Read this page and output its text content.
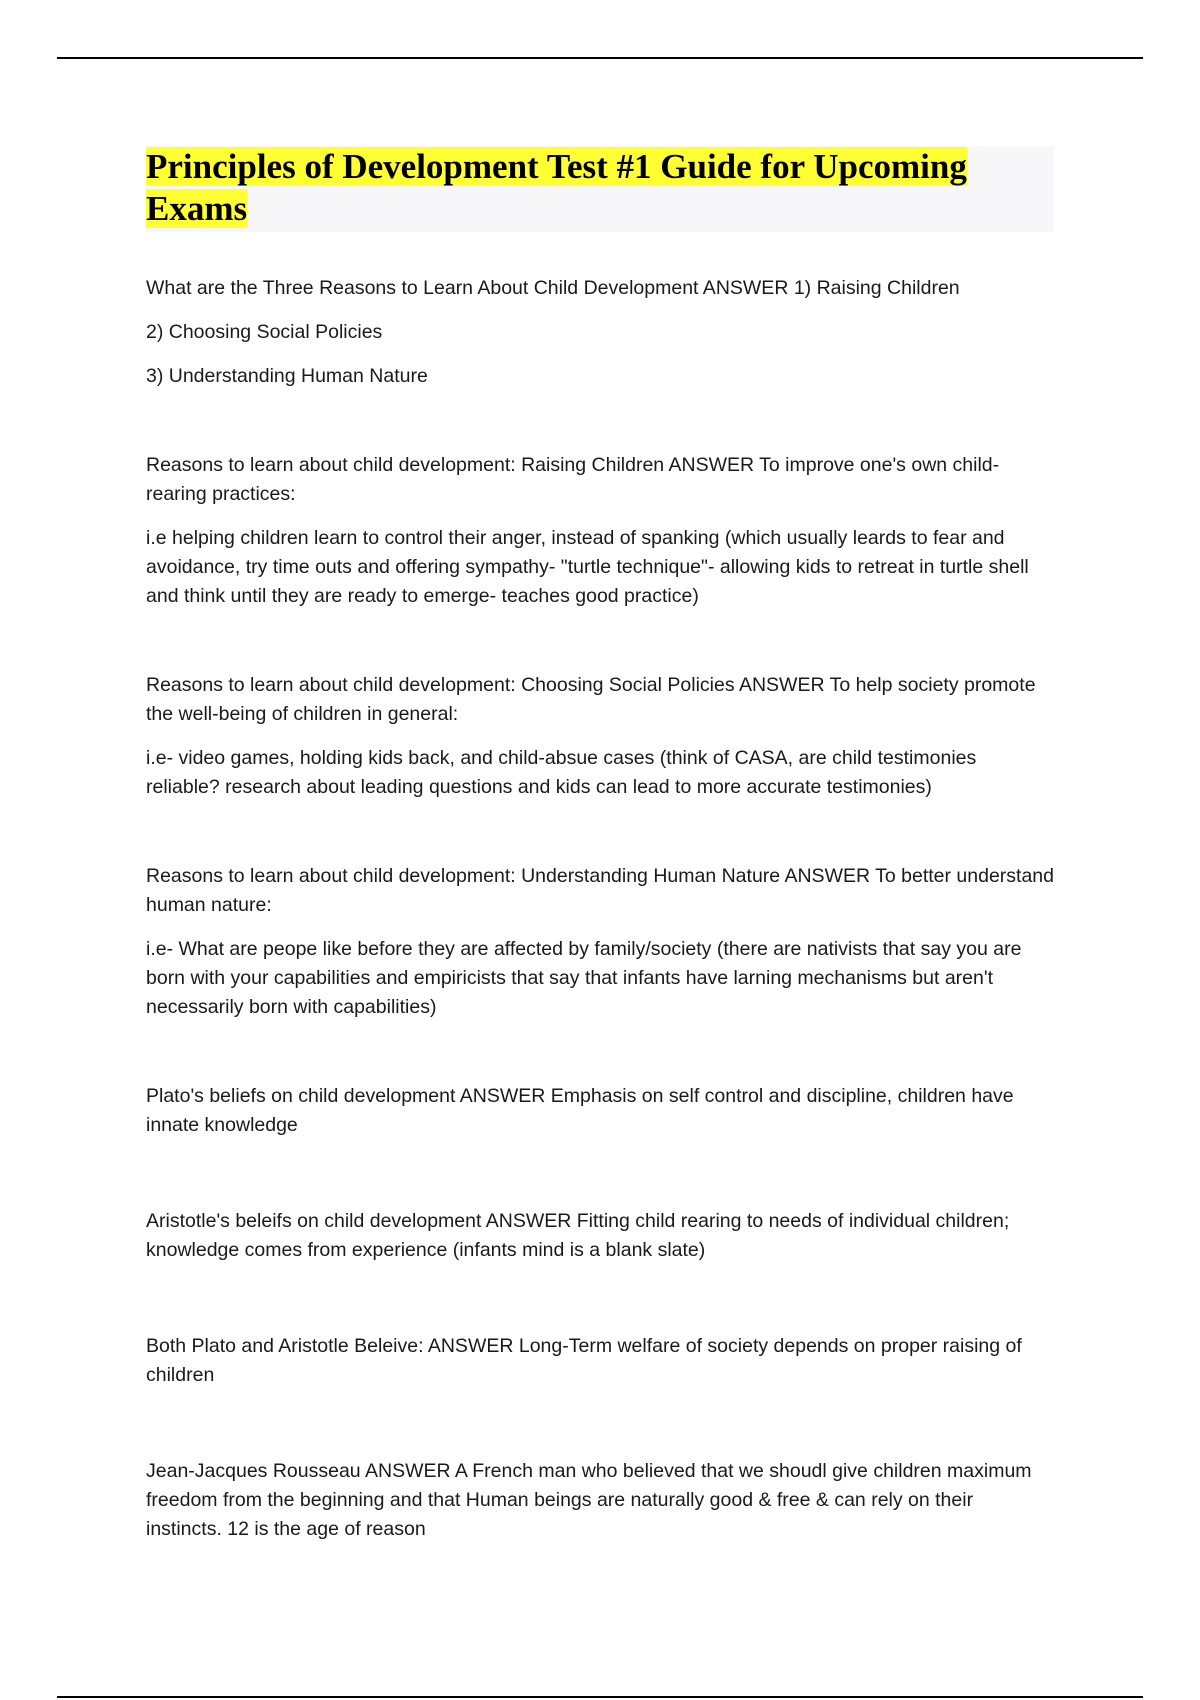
Principles of Development Test #1 Guide for Upcoming Exams

What are the Three Reasons to Learn About Child Development ANSWER 1) Raising Children

2) Choosing Social Policies

3) Understanding Human Nature

Reasons to learn about child development: Raising Children ANSWER To improve one's own child-rearing practices:

i.e helping children learn to control their anger, instead of spanking (which usually leards to fear and avoidance, try time outs and offering sympathy- "turtle technique"- allowing kids to retreat in turtle shell and think until they are ready to emerge- teaches good practice)

Reasons to learn about child development: Choosing Social Policies ANSWER To help society promote the well-being of children in general:

i.e- video games, holding kids back, and child-absue cases (think of CASA, are child testimonies reliable? research about leading questions and kids can lead to more accurate testimonies)

Reasons to learn about child development: Understanding Human Nature ANSWER To better understand human nature:

i.e- What are peope like before they are affected by family/society (there are nativists that say you are born with your capabilities and empiricists that say that infants have larning mechanisms but aren't necessarily born with capabilities)

Plato's beliefs on child development ANSWER Emphasis on self control and discipline, children have innate knowledge

Aristotle's beleifs on child development ANSWER Fitting child rearing to needs of individual children; knowledge comes from experience (infants mind is a blank slate)

Both Plato and Aristotle Beleive: ANSWER Long-Term welfare of society depends on proper raising of children

Jean-Jacques Rousseau ANSWER A French man who believed that we shoudl give children maximum freedom from the beginning and that Human beings are naturally good & free & can rely on their instincts. 12 is the age of reason
